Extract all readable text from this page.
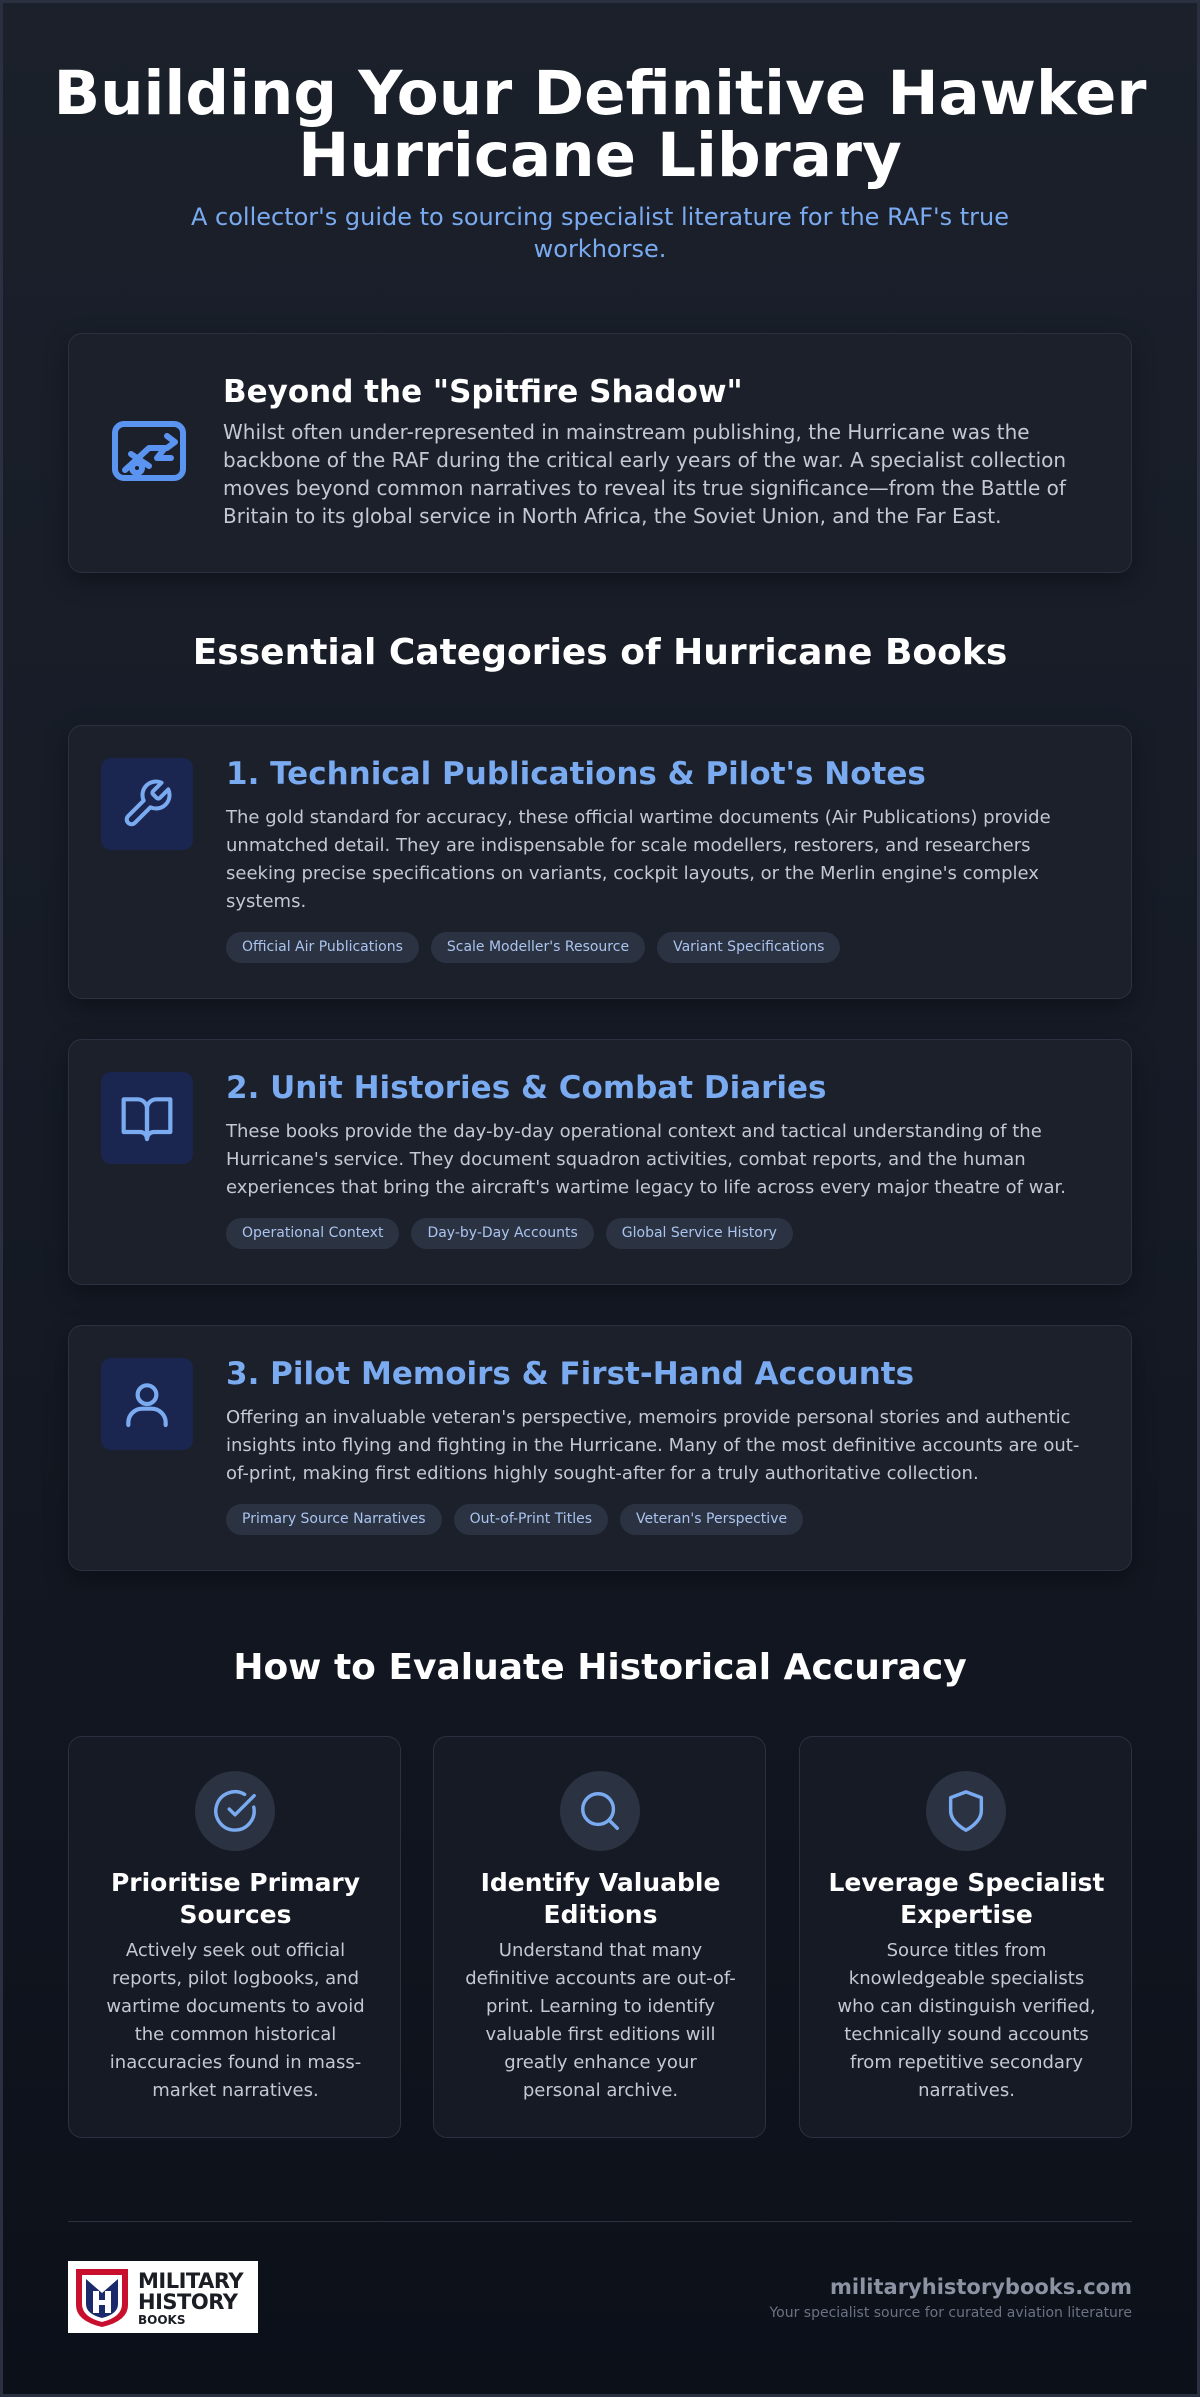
Building Your Definitive Hawker Hurricane Library

A collector's guide to sourcing specialist literature for the RAF's true workhorse.

Beyond the "Spitfire Shadow"

Whilst often under-represented in mainstream publishing, the Hurricane was the backbone of the RAF during the critical early years of the war. A specialist collection moves beyond common narratives to reveal its true significance—from the Battle of Britain to its global service in North Africa, the Soviet Union, and the Far East.

Essential Categories of Hurricane Books
1. Technical Publications & Pilot's Notes

The gold standard for accuracy, these official wartime documents (Air Publications) provide unmatched detail. They are indispensable for scale modellers, restorers, and researchers seeking precise specifications on variants, cockpit layouts, or the Merlin engine's complex systems.

Official Air Publications	Scale Modeller's Resource	Variant Specifications
2. Unit Histories & Combat Diaries

These books provide the day-by-day operational context and tactical understanding of the Hurricane's service. They document squadron activities, combat reports, and the human experiences that bring the aircraft's wartime legacy to life across every major theatre of war.

Operational Context	Day-by-Day Accounts	Global Service History
3. Pilot Memoirs & First-Hand Accounts

Offering an invaluable veteran's perspective, memoirs provide personal stories and authentic insights into flying and fighting in the Hurricane. Many of the most definitive accounts are out-of-print, making first editions highly sought-after for a truly authoritative collection.

Primary Source Narratives	Out-of-Print Titles	Veteran's Perspective
How to Evaluate Historical Accuracy
Prioritise Primary Sources

Actively seek out official reports, pilot logbooks, and wartime documents to avoid the common historical inaccuracies found in mass-market narratives.

Identify Valuable Editions

Understand that many definitive accounts are out-of-print. Learning to identify valuable first editions will greatly enhance your personal archive.

Leverage Specialist Expertise

Source titles from knowledgeable specialists who can distinguish verified, technically sound accounts from repetitive secondary narratives.

MILITARY
HISTORY
BOOKS
militaryhistorybooks.com
Your specialist source for curated aviation literature
